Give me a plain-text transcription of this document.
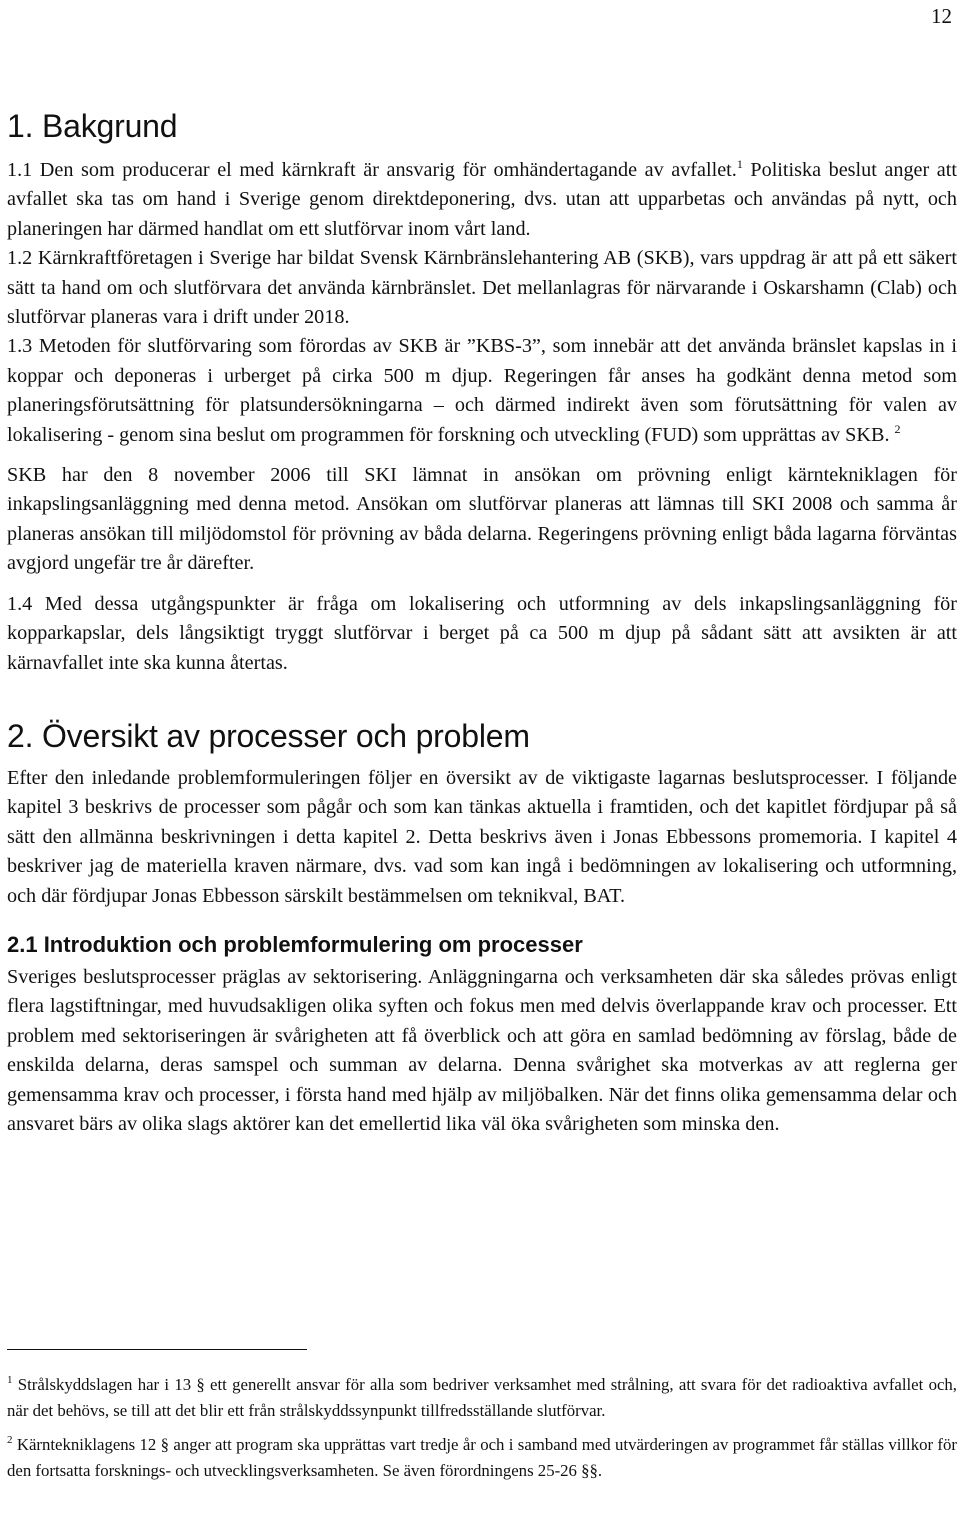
12
1. Bakgrund

1.1 Den som producerar el med kärnkraft är ansvarig för omhändertagande av avfallet.$^1$ Politiska beslut anger att avfallet ska tas om hand i Sverige genom direktdeponering, dvs. utan att upparbetas och användas på nytt, och planeringen har därmed handlat om ett slutförvar inom vårt land.

1.2 Kärnkraftföretagen i Sverige har bildat Svensk Kärnbränslehantering AB (SKB), vars uppdrag är att på ett säkert sätt ta hand om och slutförvara det använda kärnbränslet. Det mellanlagras för närvarande i Oskarshamn (Clab) och slutförvar planeras vara i drift under 2018.

1.3 Metoden för slutförvaring som förordas av SKB är ”KBS-3”, som innebär att det använda bränslet kapslas in i koppar och deponeras i urberget på cirka 500 m djup. Regeringen får anses ha godkänt denna metod som planeringsförutsättning för platsundersökningarna – och därmed indirekt även som förutsättning för valen av lokalisering - genom sina beslut om programmen för forskning och utveckling (FUD) som upprättas av SKB. $^2$

SKB har den 8 november 2006 till SKI lämnat in ansökan om prövning enligt kärntekniklagen för inkapslingsanläggning med denna metod. Ansökan om slutförvar planeras att lämnas till SKI 2008 och samma år planeras ansökan till miljödomstol för prövning av båda delarna. Regeringens prövning enligt båda lagarna förväntas avgjord ungefär tre år därefter.

1.4 Med dessa utgångspunkter är fråga om lokalisering och utformning av dels inkapslingsanläggning för kopparkapslar, dels långsiktigt tryggt slutförvar i berget på ca 500 m djup på sådant sätt att avsikten är att kärnavfallet inte ska kunna återtas.

2. Översikt av processer och problem

Efter den inledande problemformuleringen följer en översikt av de viktigaste lagarnas beslutsprocesser. I följande kapitel 3 beskrivs de processer som pågår och som kan tänkas aktuella i framtiden, och det kapitlet fördjupar på så sätt den allmänna beskrivningen i detta kapitel 2. Detta beskrivs även i Jonas Ebbessons promemoria. I kapitel 4 beskriver jag de materiella kraven närmare, dvs. vad som kan ingå i bedömningen av lokalisering och utformning, och där fördjupar Jonas Ebbesson särskilt bestämmelsen om teknikval, BAT.

2.1 Introduktion och problemformulering om processer

Sveriges beslutsprocesser präglas av sektorisering. Anläggningarna och verksamheten där ska således prövas enligt flera lagstiftningar, med huvudsakligen olika syften och fokus men med delvis överlappande krav och processer. Ett problem med sektoriseringen är svårigheten att få överblick och att göra en samlad bedömning av förslag, både de enskilda delarna, deras samspel och summan av delarna. Denna svårighet ska motverkas av att reglerna ger gemensamma krav och processer, i första hand med hjälp av miljöbalken. När det finns olika gemensamma delar och ansvaret bärs av olika slags aktörer kan det emellertid lika väl öka svårigheten som minska den.

$^1$ Strålskyddslagen har i 13 § ett generellt ansvar för alla som bedriver verksamhet med strålning, att svara för det radioaktiva avfallet och, när det behövs, se till att det blir ett från strålskyddssynpunkt tillfredsställande slutförvar.

$^2$ Kärntekniklagens 12 § anger att program ska upprättas vart tredje år och i samband med utvärderingen av programmet får ställas villkor för den fortsatta forsknings- och utvecklingsverksamheten. Se även förordningens 25-26 §§.
